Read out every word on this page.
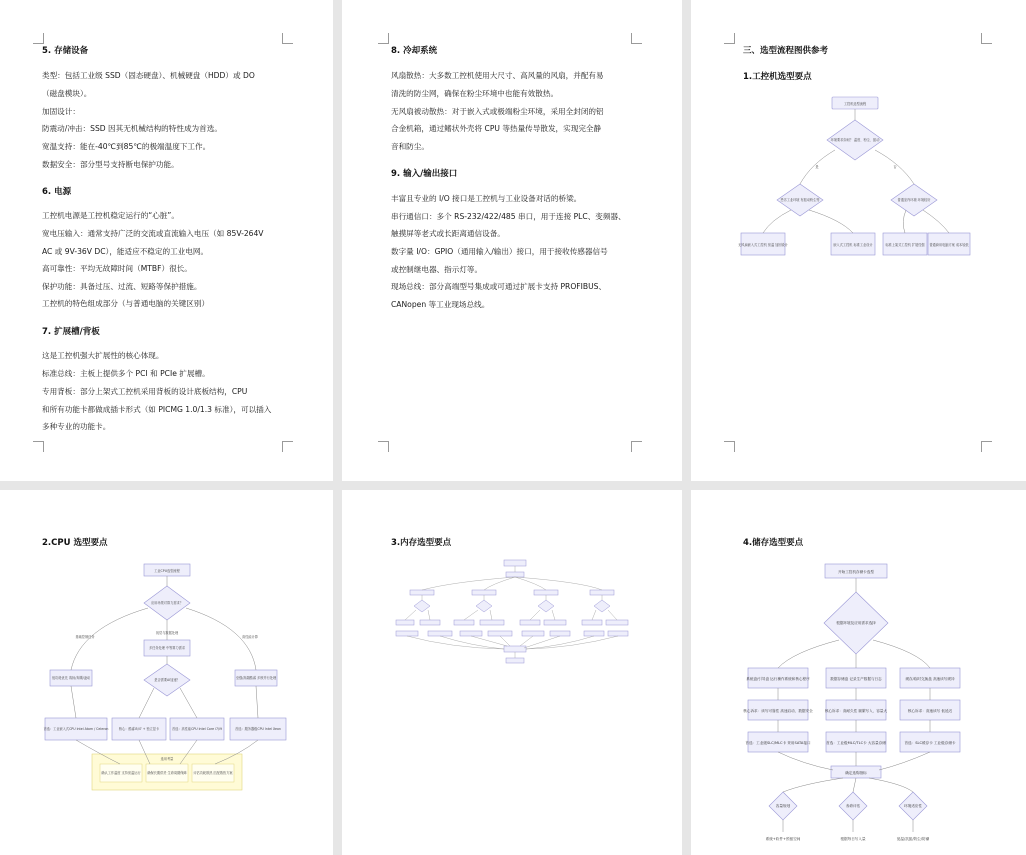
5. 存储设备
类型：包括工业级 SSD（固态硬盘）、机械硬盘（HDD）或 DO
（磁盘模块）。
加固设计：
防震动/冲击：SSD 因其无机械结构的特性成为首选。
宽温支持：能在-40℃到85℃的极端温度下工作。
数据安全：部分型号支持断电保护功能。
6. 电源
工控机电源是工控机稳定运行的“心脏”。
宽电压输入：通常支持广泛的交流或直流输入电压（如 85V-264V
AC 或 9V-36V DC），能适应不稳定的工业电网。
高可靠性：平均无故障时间（MTBF）很长。
保护功能：具备过压、过流、短路等保护措施。
工控机的特色组成部分（与普通电脑的关键区别）
7. 扩展槽/背板
这是工控机强大扩展性的核心体现。
标准总线：主板上提供多个 PCI 和 PCIe 扩展槽。
专用背板：部分上架式工控机采用背板的设计底板结构，CPU
和所有功能卡都做成插卡形式（如 PICMG 1.0/1.3 标准），可以插入
多种专业的功能卡。
8. 冷却系统
风扇散热：大多数工控机使用大尺寸、高风量的风扇，并配有易
清洗的防尘网，确保在粉尘环境中也能有效散热。
无风扇被动散热：对于嵌入式或极端粉尘环境，采用全封闭的铝
合金机箱，通过鳍状外壳将 CPU 等热量传导散发，实现完全静
音和防尘。
9. 输入/输出接口
丰富且专业的 I/O 接口是工控机与工业设备对话的桥梁。
串行通信口：多个 RS-232/422/485 串口，用于连接 PLC、变频器、
触摸屏等老式或长距离通信设备。
数字量 I/O：GPIO（通用输入/输出）接口，用于接收传感器信号
或控制继电器、指示灯等。
现场总线：部分高端型号集成或可通过扩展卡支持 PROFIBUS、
CANopen 等工业现场总线。
三、选型流程图供参考
1.工控机选型要点
工控机选型流程
环境要求如何？ 温度、粉尘、振动
恶劣工业环境 有振动粉尘等	普通室内环境 环境较好
无风扇嵌入式工控机 宽温 加固设计	嵌入式工控机 标准工业设计	标准上架式工控机 扩展性强 普通商用电脑方案 成本较低
是	否
2.CPU 选型要点
工业CPU选型流程
应用场景对算力需求？
基础控制任务
视觉与数据处理
高性能计算
低功耗优先 赛扬/奔腾/凌动
多任务处理 中等算力需求
至强/高端酷睿 多核并行处理
是否需要AI加速？
首选：工业嵌入式CPU Intel Atom / Celeron	核心：酷睿i5/i7 + 独立显卡	首选：高性能CPU Intel Core i7/i9	首选：服务器级CPU Intel Xeon
选用考量
确认工作温度 支持宽温运行 确保长期供货 生命周期保障 评估功耗散热 匹配散热方案
3.内存选型要点	4.储存选型要点
开始工控机存储卡选型
根据环境及应用需求选择
系统盘/引导盘 运行操作系统和核心程序	数据存储盘 记录生产数据与日志	缓存/临时交换盘 高速读写缓冲
核心诉求：读写可靠性 高速启动、数据安全	核心诉求：高耐久性 频繁写入、容量大	核心诉求：高速读写 低延迟
首选：工业级SLC/MLC卡 采用SATA接口	首选：工业级MLC/TLC卡 大容量存储	首选：SLC缓存卡 工业级存储卡
确定选购指标
容量规划	寿命评估	环境适应性
系统+软件+预留空间	根据每日写入量	宽温/抗振/防尘/防潮
